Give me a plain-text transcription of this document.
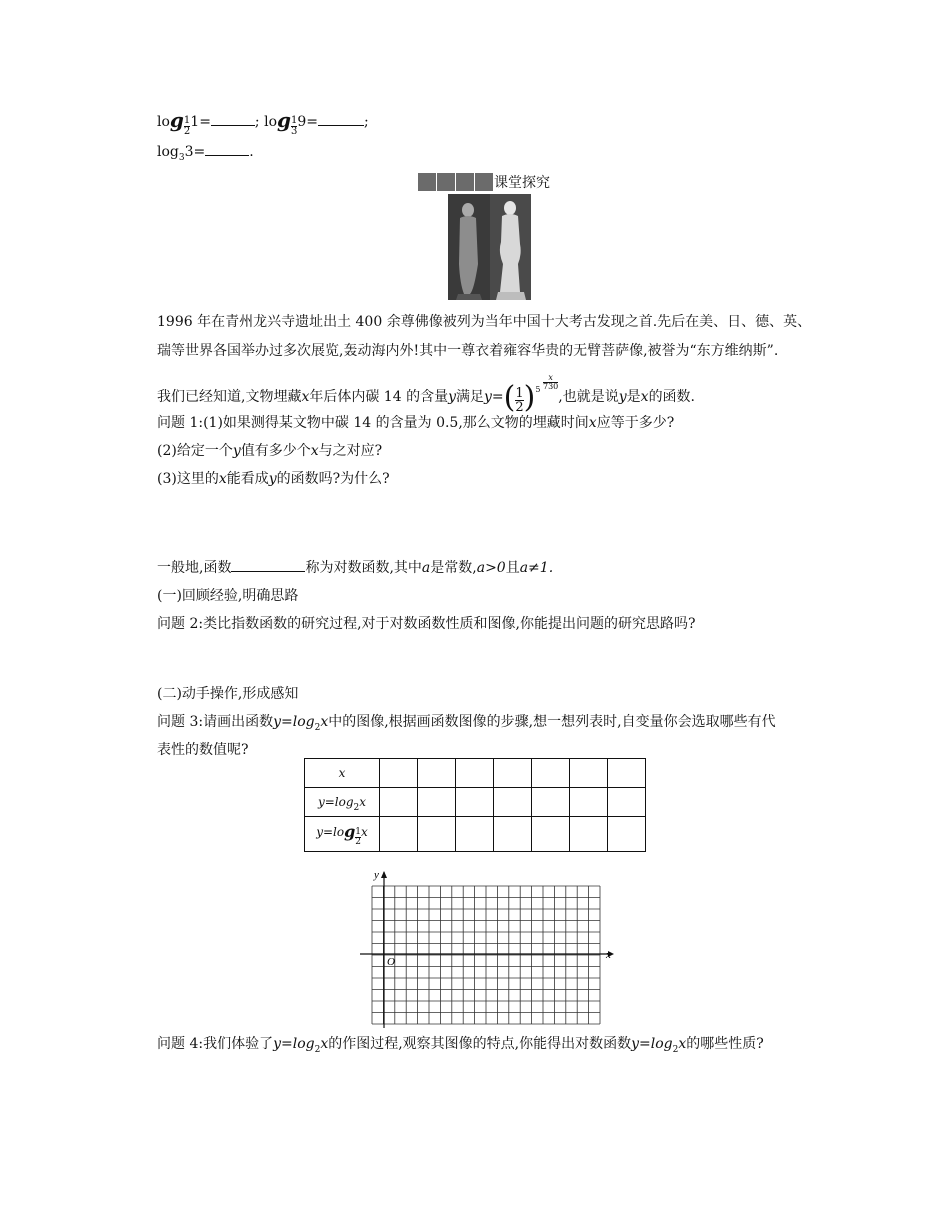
$\log \frac{1}{2} 1=$	; $\log \frac{1}{3} 9=$	;
$\log_33=$	.
课堂探究
1996 年在青州龙兴寺遗址出土 400 余尊佛像被列为当年中国十大考古发现之首.先后在美、日、德、英、
瑞等世界各国举办过多次展览,轰动海内外!其中一尊衣着雍容华贵的无臂菩萨像,被誉为“东方维纳斯”.
我们已经知道,文物埋藏x年后体内碳 14 的含量y满足$y=( \frac{1}{2} )5 \frac{x}{730}$
,也就是说y是x的函数.
问题 1:(1)如果测得某文物中碳 14 的含量为 0.5,那么文物的埋藏时间x应等于多少?
(2)给定一个y值有多少个x与之对应?
(3)这里的x能看成y的函数吗?为什么?
一般地,函数	称为对数函数,其中a是常数,a>0且a≠1.
(一)回顾经验,明确思路
问题 2:类比指数函数的研究过程,对于对数函数性质和图像,你能提出问题的研究思路吗?
(二)动手操作,形成感知
问题 3:请画出函数$y=\log_2x$中的图像,根据画函数图像的步骤,想一想列表时,自变量你会选取哪些有代
表性的数值呢?
x							
$y=\log_2x$							
$y=\log \frac{1}{2}$ x							
y
x
O
问题 4:我们体验了$y=\log_2x$的作图过程,观察其图像的特点,你能得出对数函数$y=\log_2x$的哪些性质?
